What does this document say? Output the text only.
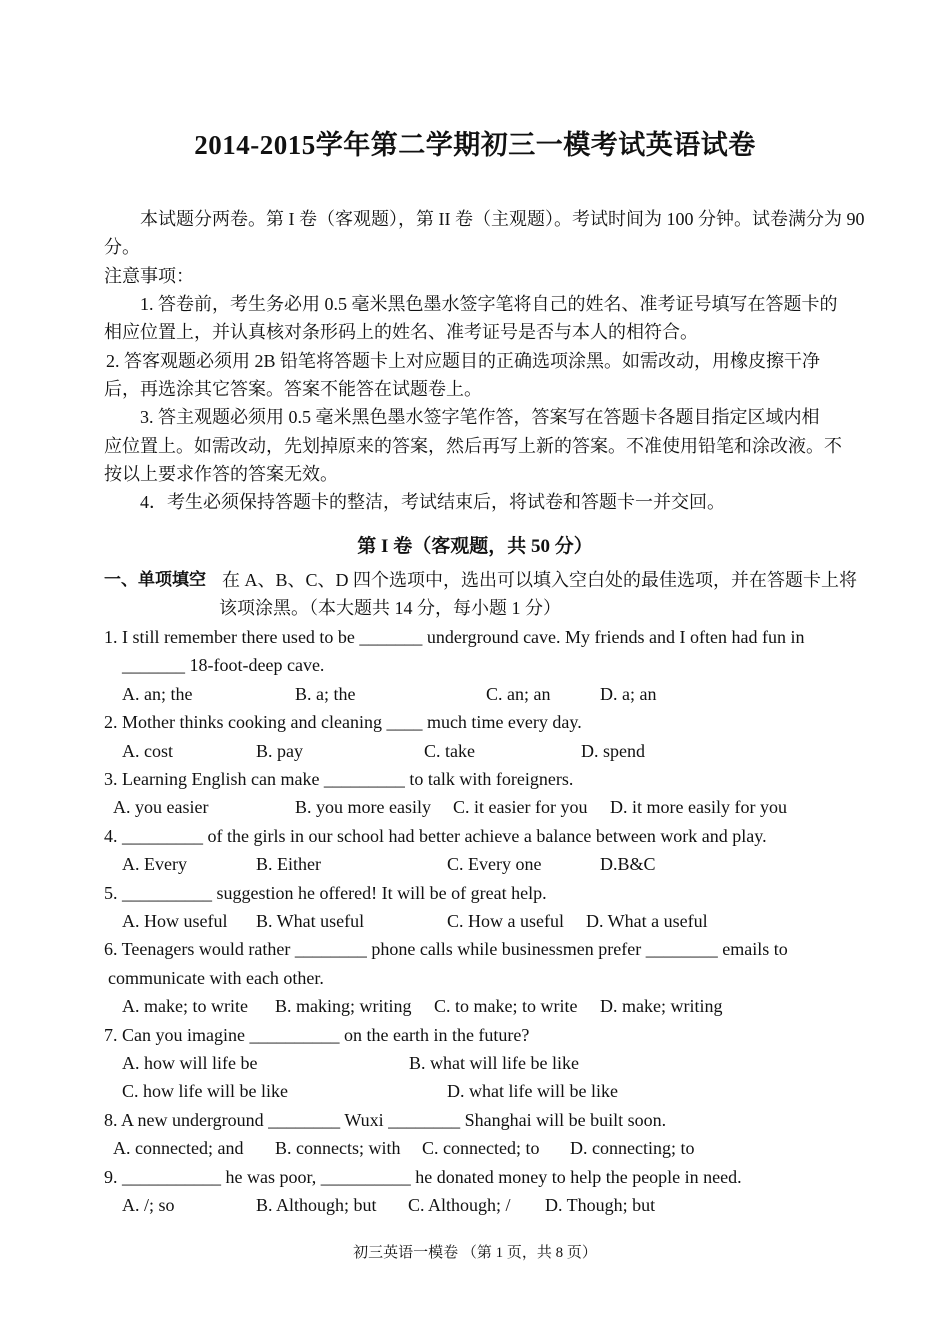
2014-2015学年第二学期初三一模考试英语试卷
本试题分两卷。第 I 卷（客观题），第 II 卷（主观题）。考试时间为 100 分钟。试卷满分为 90
分。
注意事项：
1. 答卷前，考生务必用 0.5 毫米黑色墨水签字笔将自己的姓名、准考证号填写在答题卡的
相应位置上，并认真核对条形码上的姓名、准考证号是否与本人的相符合。
2. 答客观题必须用 2B 铅笔将答题卡上对应题目的正确选项涂黑。如需改动，用橡皮擦干净
后，再选涂其它答案。答案不能答在试题卷上。
3. 答主观题必须用 0.5 毫米黑色墨水签字笔作答，答案写在答题卡各题目指定区域内相
应位置上。如需改动，先划掉原来的答案，然后再写上新的答案。不准使用铅笔和涂改液。不
按以上要求作答的答案无效。
4．考生必须保持答题卡的整洁，考试结束后，将试卷和答题卡一并交回。
第 I 卷（客观题，共 50 分）
一、单项填空 在 A、B、C、D 四个选项中，选出可以填入空白处的最佳选项，并在答题卡上将
该项涂黑。（本大题共 14 分，每小题 1 分）
1. I still remember there used to be _______ underground cave. My friends and I often had fun in
_______ 18-foot-deep cave.
A. an; the	B. a; the	C. an; an	D. a; an
2. Mother thinks cooking and cleaning ____ much time every day.
A. cost	B. pay	C. take	D. spend
3. Learning English can make _________ to talk with foreigners.
A. you easier	B. you more easily C. it easier for you D. it more easily for you
4. _________ of the girls in our school had better achieve a balance between work and play.
A. Every	B. Either	C. Every one	D.B&C
5. __________ suggestion he offered! It will be of great help.
A. How useful B. What useful	C. How a useful D. What a useful
6. Teenagers would rather ________ phone calls while businessmen prefer ________ emails to
communicate with each other.
A. make; to write B. making; writing C. to make; to write D. make; writing
7. Can you imagine __________ on the earth in the future?
A. how will life be	B. what will life be like
C. how life will be like	D. what life will be like
8. A new underground ________ Wuxi ________ Shanghai will be built soon.
A. connected; and B. connects; with C. connected; to D. connecting; to
9. ___________ he was poor, __________ he donated money to help the people in need.
A. /; so	B. Although; but C. Although; / D. Though; but
初三英语一模卷 （第 1 页，共 8 页）
